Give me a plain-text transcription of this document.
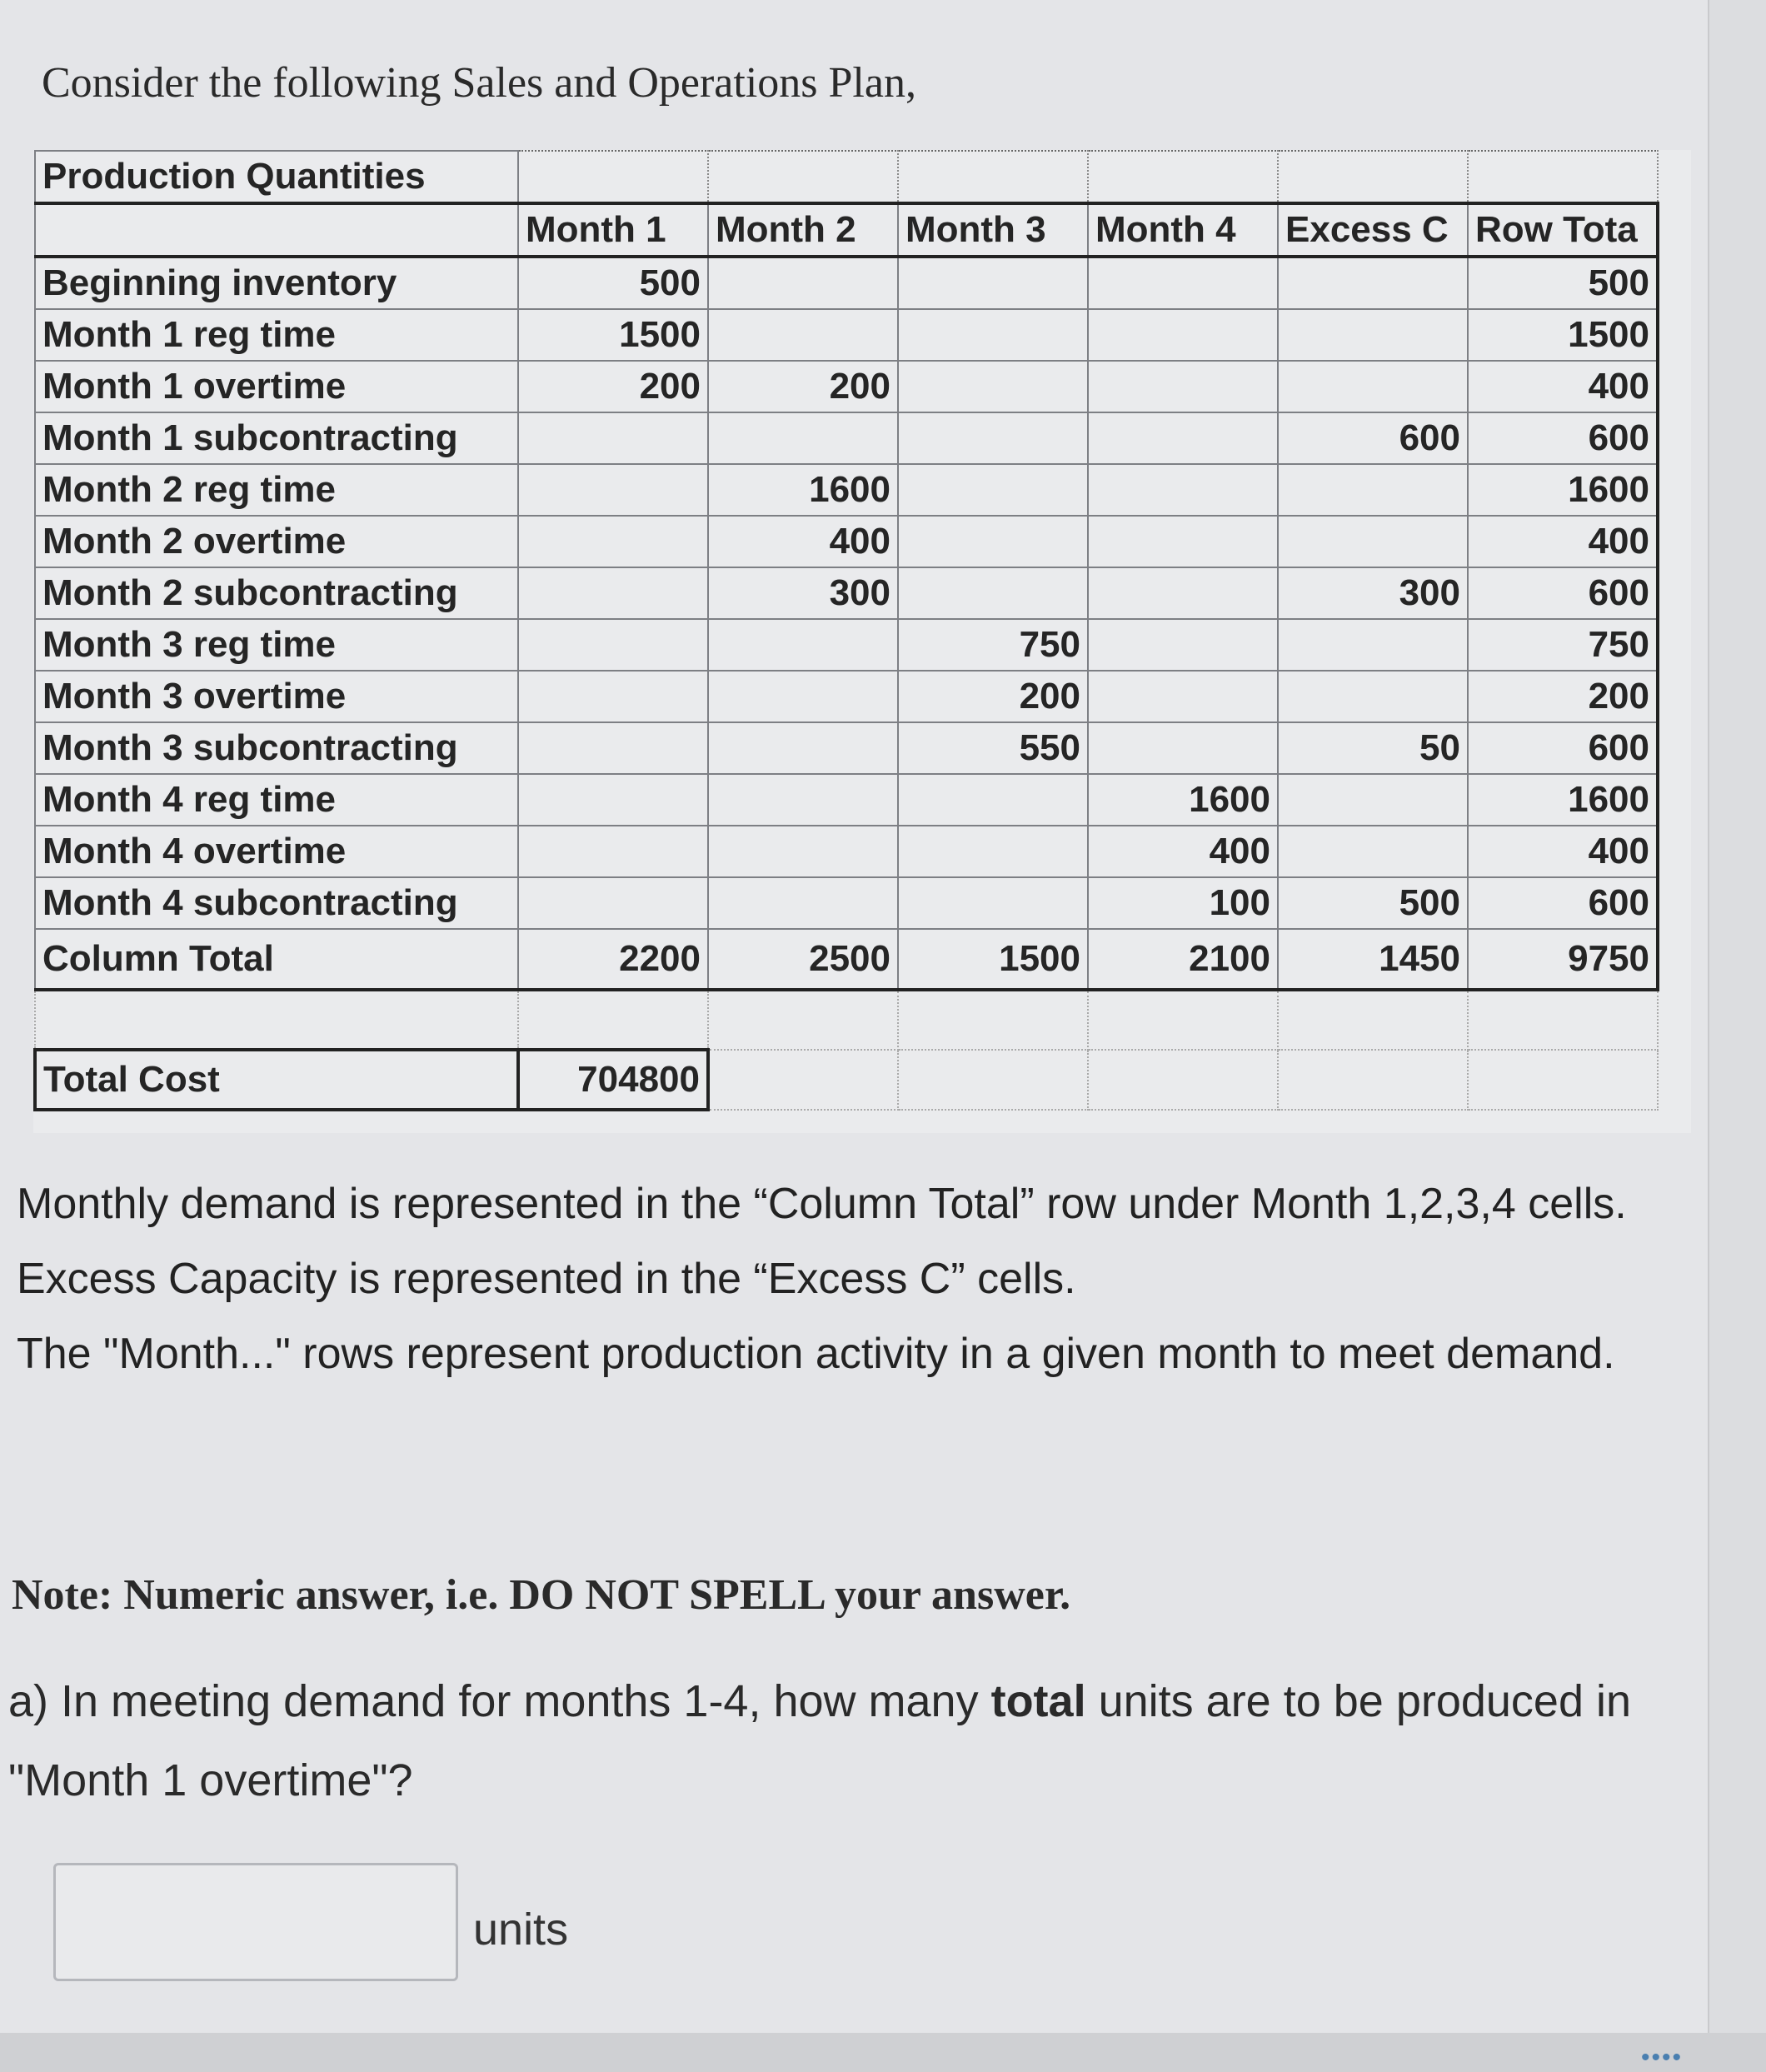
Consider the following Sales and Operations Plan,
Production Quantities						
	Month 1	Month 2	Month 3	Month 4	Excess C	Row Tota
Beginning inventory	500					500
Month 1 reg time	1500					1500
Month 1 overtime	200	200				400
Month 1 subcontracting					600	600
Month 2 reg time		1600				1600
Month 2 overtime		400				400
Month 2 subcontracting		300			300	600
Month 3 reg time			750			750
Month 3 overtime			200			200
Month 3 subcontracting			550		50	600
Month 4 reg time				1600		1600
Month 4 overtime				400		400
Month 4 subcontracting				100	500	600
Column Total	2200	2500	1500	2100	1450	9750

Total Cost	704800					

Monthly demand is represented in the “Column Total” row under Month 1,2,3,4 cells.

Excess Capacity is represented in the “Excess C” cells.

The "Month..." rows represent production activity in a given month to meet demand.

Note: Numeric answer, i.e. DO NOT SPELL your answer.
a) In meeting demand for months 1-4, how many total units are to be produced in "Month 1 overtime"?
units
••••
